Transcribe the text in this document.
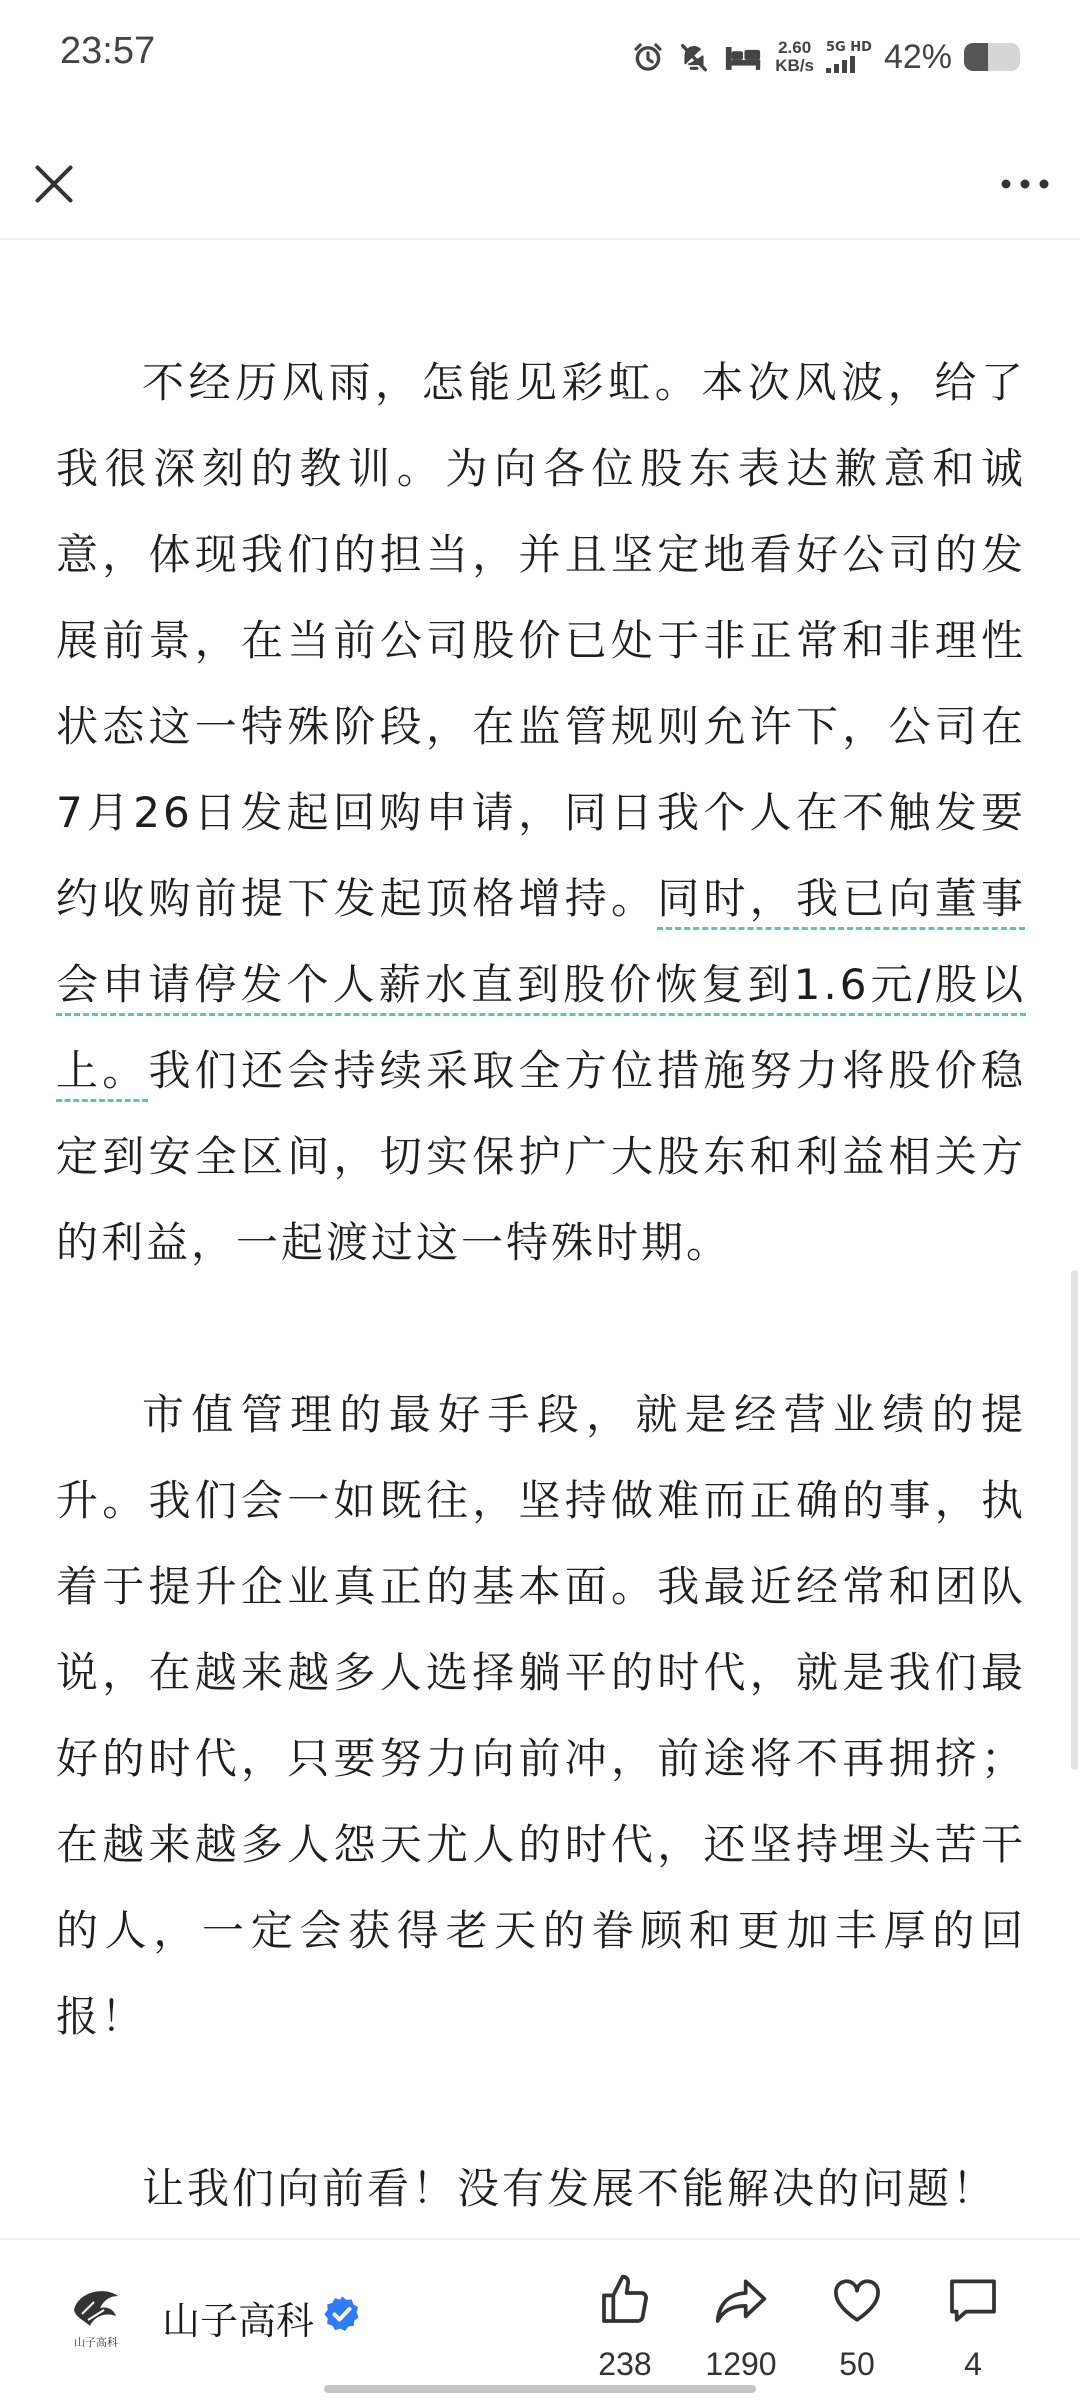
23:57	2.60
KB/s
5G HD 42%

不经历风雨，怎能见彩虹。本次风波，给了我很深刻的教训。为向各位股东表达歉意和诚意，体现我们的担当，并且坚定地看好公司的发展前景，在当前公司股价已处于非正常和非理性状态这一特殊阶段，在监管规则允许下，公司在7月26日发起回购申请，同日我个人在不触发要约收购前提下发起顶格增持。同时，我已向董事会申请停发个人薪水直到股价恢复到1.6元/股以上。我们还会持续采取全方位措施努力将股价稳定到安全区间，切实保护广大股东和利益相关方的利益，一起渡过这一特殊时期。

市值管理的最好手段，就是经营业绩的提升。我们会一如既往，坚持做难而正确的事，执着于提升企业真正的基本面。我最近经常和团队说，在越来越多人选择躺平的时代，就是我们最好的时代，只要努力向前冲，前途将不再拥挤；在越来越多人怨天尤人的时代，还坚持埋头苦干的人，一定会获得老天的眷顾和更加丰厚的回报！

让我们向前看！没有发展不能解决的问题！

山子高科 山子高科
238 1290 50	4
